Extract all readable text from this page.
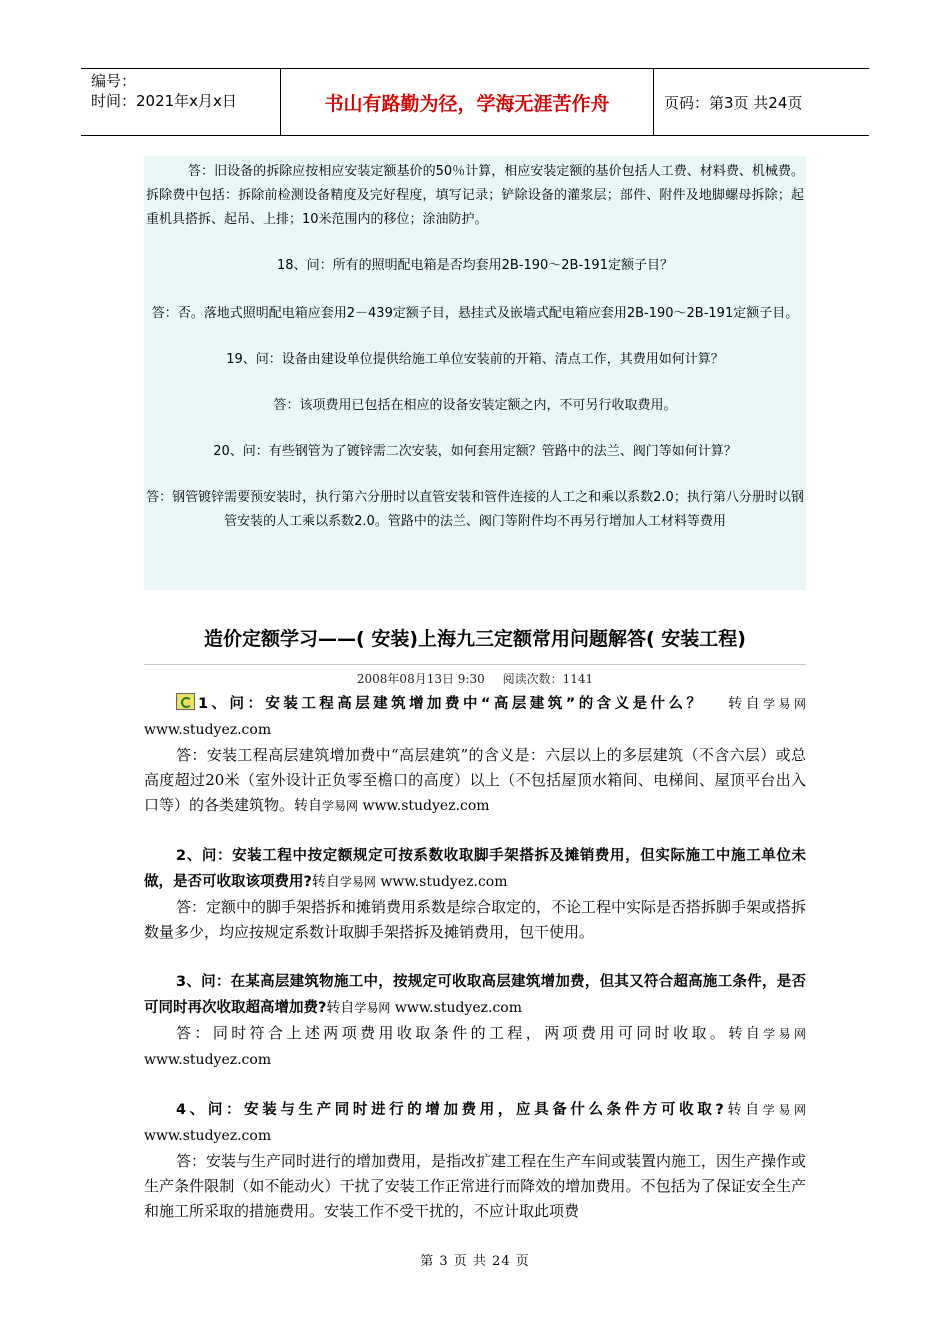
编号：
时间：2021年x月x日	书山有路勤为径，学海无涯苦作舟	页码：第3页 共24页

答：旧设备的拆除应按相应安装定额基价的50％计算，相应安装定额的基价包括人工费、材料费、机械费。拆除费中包括：拆除前检测设备精度及完好程度，填写记录；铲除设备的灌浆层；部件、附件及地脚螺母拆除；起重机具搭拆、起吊、上排；10米范围内的移位；涂油防护。

18、问：所有的照明配电箱是否均套用2B-190～2B-191定额子目？

答：否。落地式照明配电箱应套用2－439定额子目，悬挂式及嵌墙式配电箱应套用2B-190～2B-191定额子目。

19、问：设备由建设单位提供给施工单位安装前的开箱、清点工作，其费用如何计算？

答：该项费用已包括在相应的设备安装定额之内，不可另行收取费用。

20、问：有些钢管为了镀锌需二次安装，如何套用定额？管路中的法兰、阀门等如何计算？

答：钢管镀锌需要预安装时，执行第六分册时以直管安装和管件连接的人工之和乘以系数2.0；执行第八分册时以钢管安装的人工乘以系数2.0。管路中的法兰、阀门等附件均不再另行增加人工材料等费用

造价定额学习——( 安装)上海九三定额常用问题解答( 安装工程)
2008年08月13日 9:30 阅读次数：1141

1、问：安装工程高层建筑增加费中“高层建筑”的含义是什么？ 转自学易网 www.studyez.com

答：安装工程高层建筑增加费中“高层建筑”的含义是：六层以上的多层建筑（不含六层）或总高度超过20米（室外设计正负零至檐口的高度）以上（不包括屋顶水箱间、电梯间、屋顶平台出入口等）的各类建筑物。转自学易网 www.studyez.com

2、问：安装工程中按定额规定可按系数收取脚手架搭拆及摊销费用，但实际施工中施工单位未做，是否可收取该项费用?转自学易网 www.studyez.com

答：定额中的脚手架搭拆和摊销费用系数是综合取定的，不论工程中实际是否搭拆脚手架或搭拆数量多少，均应按规定系数计取脚手架搭拆及摊销费用，包干使用。

3、问：在某高层建筑物施工中，按规定可收取高层建筑增加费，但其又符合超高施工条件，是否可同时再次收取超高增加费?转自学易网 www.studyez.com

答：同时符合上述两项费用收取条件的工程，两项费用可同时收取。转自学易网 www.studyez.com

4、问：安装与生产同时进行的增加费用，应具备什么条件方可收取?转自学易网 www.studyez.com

答：安装与生产同时进行的增加费用，是指改扩建工程在生产车间或装置内施工，因生产操作或生产条件限制（如不能动火）干扰了安装工作正常进行而降效的增加费用。不包括为了保证安全生产和施工所采取的措施费用。安装工作不受干扰的，不应计取此项费

第 3 页 共 24 页
